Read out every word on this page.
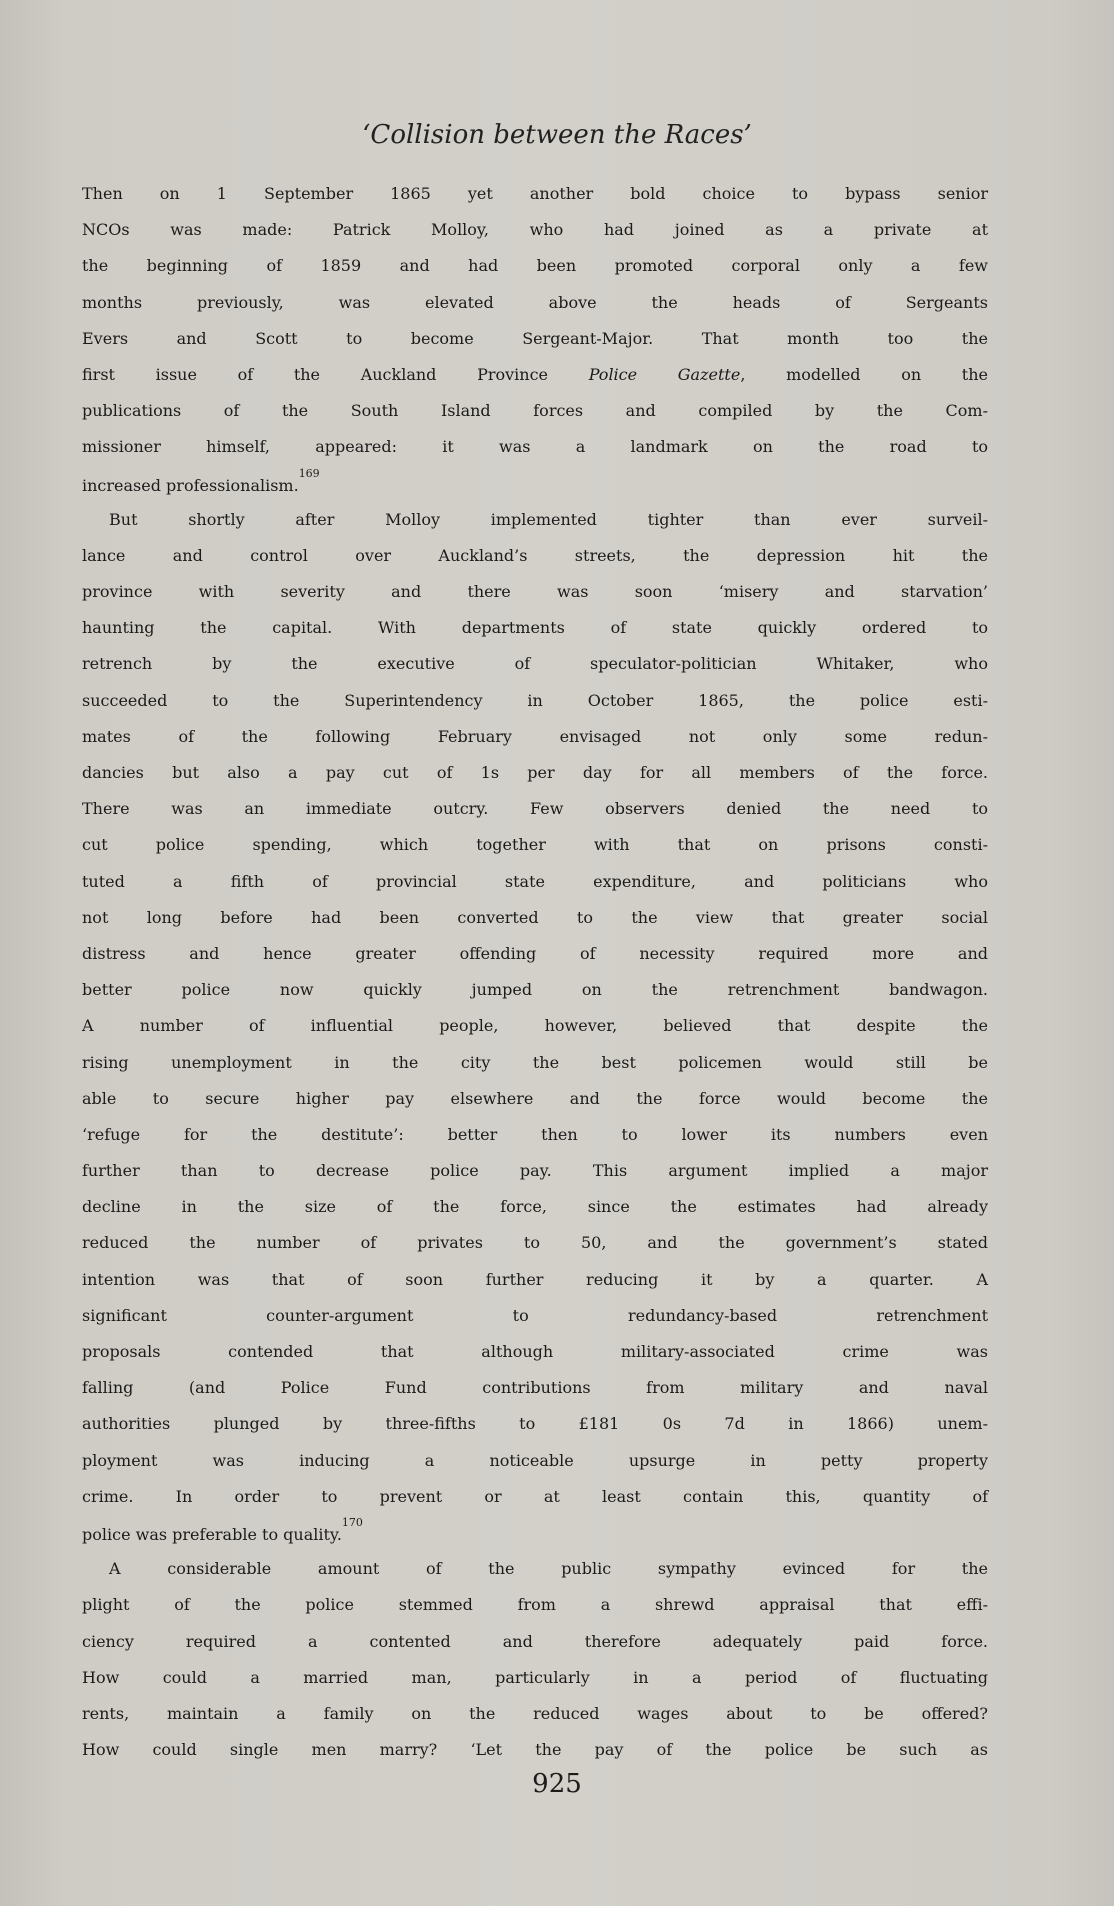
‘Collision between the Races’
Then on 1 September 1865 yet another bold choice to bypass senior
NCOs was made: Patrick Molloy, who had joined as a private at
the beginning of 1859 and had been promoted corporal only a few
months previously, was elevated above the heads of Sergeants
Evers and Scott to become Sergeant-Major. That month too the
first issue of the Auckland Province Police Gazette, modelled on the
publications of the South Island forces and compiled by the Com-
missioner himself, appeared: it was a landmark on the road to
increased professionalism.$^{169}$
But shortly after Molloy implemented tighter than ever surveil-
lance and control over Auckland’s streets, the depression hit the
province with severity and there was soon ‘misery and starvation’
haunting the capital. With departments of state quickly ordered to
retrench by the executive of speculator-politician Whitaker, who
succeeded to the Superintendency in October 1865, the police esti-
mates of the following February envisaged not only some redun-
dancies but also a pay cut of 1s per day for all members of the force.
There was an immediate outcry. Few observers denied the need to
cut police spending, which together with that on prisons consti-
tuted a fifth of provincial state expenditure, and politicians who
not long before had been converted to the view that greater social
distress and hence greater offending of necessity required more and
better police now quickly jumped on the retrenchment bandwagon.
A number of influential people, however, believed that despite the
rising unemployment in the city the best policemen would still be
able to secure higher pay elsewhere and the force would become the
‘refuge for the destitute’: better then to lower its numbers even
further than to decrease police pay. This argument implied a major
decline in the size of the force, since the estimates had already
reduced the number of privates to 50, and the government’s stated
intention was that of soon further reducing it by a quarter. A
significant counter-argument to redundancy-based retrenchment
proposals contended that although military-associated crime was
falling (and Police Fund contributions from military and naval
authorities plunged by three-fifths to £181 0s 7d in 1866) unem-
ployment was inducing a noticeable upsurge in petty property
crime. In order to prevent or at least contain this, quantity of
police was preferable to quality.$^{170}$
A considerable amount of the public sympathy evinced for the
plight of the police stemmed from a shrewd appraisal that effi-
ciency required a contented and therefore adequately paid force.
How could a married man, particularly in a period of fluctuating
rents, maintain a family on the reduced wages about to be offered?
How could single men marry? ‘Let the pay of the police be such as
925
